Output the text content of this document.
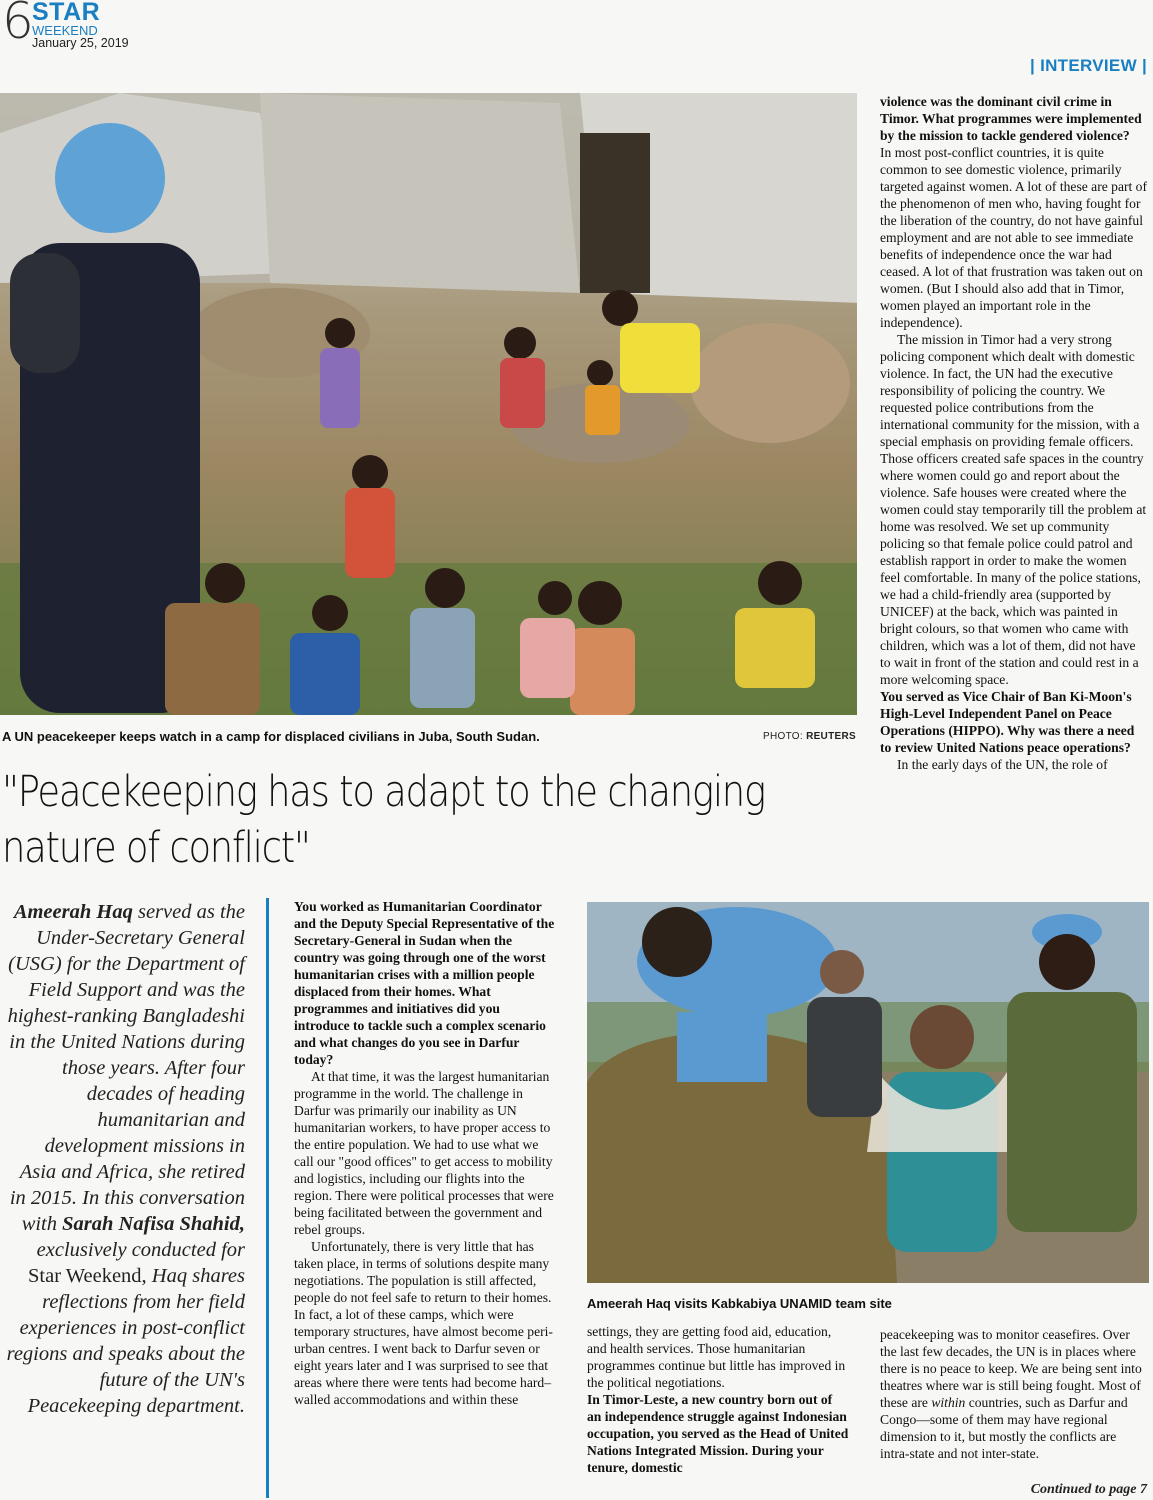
6
STAR
WEEKEND
January 25, 2019
| INTERVIEW |
A UN peacekeeper keeps watch in a camp for displaced civilians in Juba, South Sudan.	PHOTO: REUTERS
"Peacekeeping has to adapt to the changing
nature of conflict"
Ameerah Haq served as the Under-Secretary General (USG) for the Department of Field Support and was the highest-ranking Bangladeshi in the United Nations during those years. After four decades of heading humanitarian and development missions in Asia and Africa, she retired in 2015. In this conversation with Sarah Nafisa Shahid, exclusively conducted for Star Weekend, Haq shares reflections from her field experiences in post-conflict regions and speaks about the future of the UN's Peacekeeping department.

You worked as Humanitarian Coordinator and the Deputy Special Representative of the Secretary-General in Sudan when the country was going through one of the worst humanitarian crises with a million people displaced from their homes. What programmes and initiatives did you introduce to tackle such a complex scenario and what changes do you see in Darfur today?

At that time, it was the largest humanitarian programme in the world. The challenge in Darfur was primarily our inability as UN humanitarian workers, to have proper access to the entire population. We had to use what we call our "good offices" to get access to mobility and logistics, including our flights into the region. There were political processes that were being facilitated between the government and rebel groups.

Unfortunately, there is very little that has taken place, in terms of solutions despite many negotiations. The population is still affected, people do not feel safe to return to their homes. In fact, a lot of these camps, which were temporary structures, have almost become peri-urban centres. I went back to Darfur seven or eight years later and I was surprised to see that areas where there were tents had become hard–walled accommodations and within these

Ameerah Haq visits Kabkabiya UNAMID team site

settings, they are getting food aid, education, and health services. Those humanitarian programmes continue but little has improved in the political negotiations.

In Timor-Leste, a new country born out of an independence struggle against Indonesian occupation, you served as the Head of United Nations Integrated Mission. During your tenure, domestic

violence was the dominant civil crime in Timor. What programmes were implemented by the mission to tackle gendered violence?

In most post-conflict countries, it is quite common to see domestic violence, primarily targeted against women. A lot of these are part of the phenomenon of men who, having fought for the liberation of the country, do not have gainful employment and are not able to see immediate benefits of independence once the war had ceased. A lot of that frustration was taken out on women. (But I should also add that in Timor, women played an important role in the independence).

The mission in Timor had a very strong policing component which dealt with domestic violence. In fact, the UN had the executive responsibility of policing the country. We requested police contributions from the international community for the mission, with a special emphasis on providing female officers. Those officers created safe spaces in the country where women could go and report about the violence. Safe houses were created where the women could stay temporarily till the problem at home was resolved. We set up community policing so that female police could patrol and establish rapport in order to make the women feel comfortable. In many of the police stations, we had a child-friendly area (supported by UNICEF) at the back, which was painted in bright colours, so that women who came with children, which was a lot of them, did not have to wait in front of the station and could rest in a more welcoming space.

You served as Vice Chair of Ban Ki-Moon's High-Level Independent Panel on Peace Operations (HIPPO). Why was there a need to review United Nations peace operations?

In the early days of the UN, the role of

peacekeeping was to monitor ceasefires. Over the last few decades, the UN is in places where there is no peace to keep. We are being sent into theatres where war is still being fought. Most of these are within countries, such as Darfur and Congo—some of them may have regional dimension to it, but mostly the conflicts are intra-state and not inter-state.

Continued to page 7
